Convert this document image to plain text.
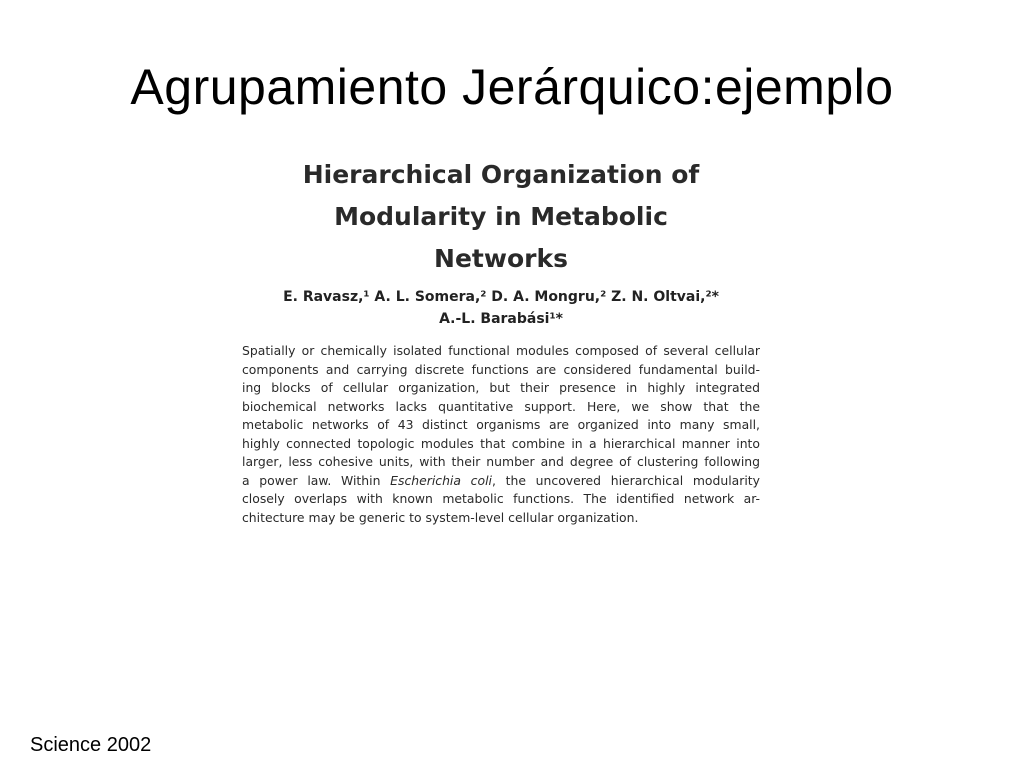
Agrupamiento Jerárquico:ejemplo
Hierarchical Organization of
Modularity in Metabolic
Networks
E. Ravasz,¹ A. L. Somera,² D. A. Mongru,² Z. N. Oltvai,²*
A.-L. Barabási¹*
Spatially or chemically isolated functional modules composed of several cellular
components and carrying discrete functions are considered fundamental build-
ing blocks of cellular organization, but their presence in highly integrated
biochemical networks lacks quantitative support. Here, we show that the
metabolic networks of 43 distinct organisms are organized into many small,
highly connected topologic modules that combine in a hierarchical manner into
larger, less cohesive units, with their number and degree of clustering following
a power law. Within Escherichia coli, the uncovered hierarchical modularity
closely overlaps with known metabolic functions. The identified network ar-
chitecture may be generic to system-level cellular organization.
Science 2002
